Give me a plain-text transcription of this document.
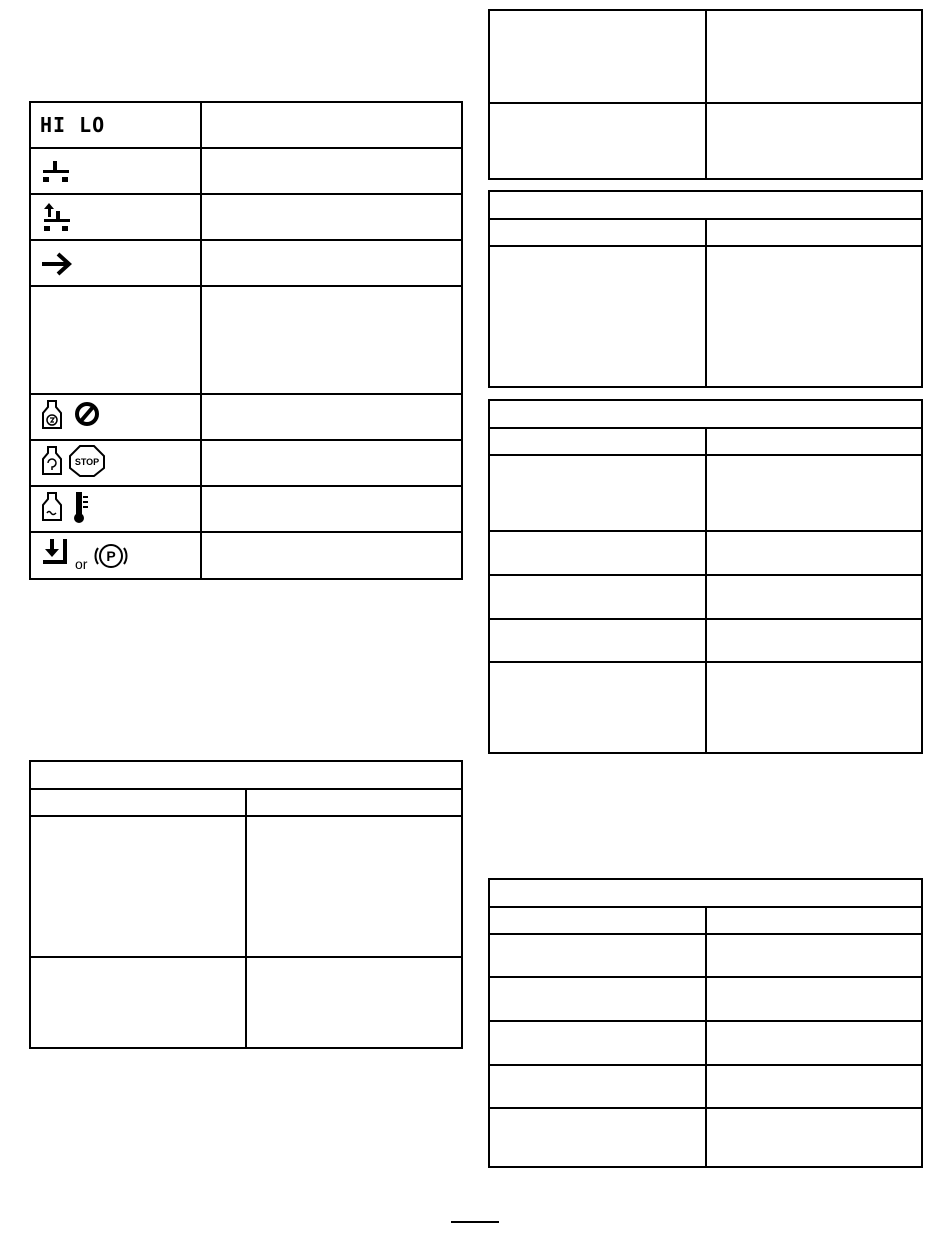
HI LO
STOP
or P
